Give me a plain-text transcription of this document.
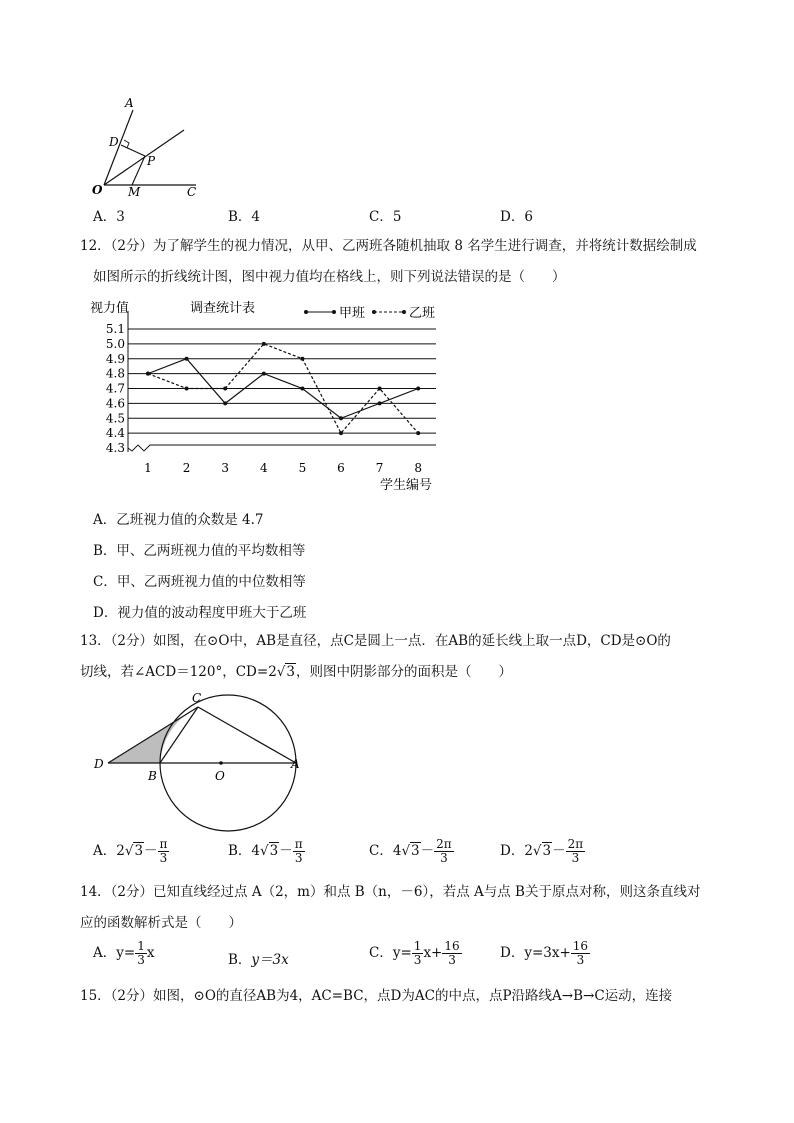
A
D
P
O M	C
A．3	B．4	C．5	D．6
12．（2分）为了解学生的视力情况，从甲、乙两班各随机抽取 8 名学生进行调查，并将统计数据绘制成
如图所示的折线统计图，图中视力值均在格线上，则下列说法错误的是（　　）
4.3
4.4
4.5
4.6
4.7
4.8
4.9
5.0
5.1
视力值	调查统计表
学生编号
1	2	3	4	5	6	7	8
甲班	乙班
A．乙班视力值的众数是 4.7
B．甲、乙两班视力值的平均数相等
C．甲、乙两班视力值的中位数相等
D．视力值的波动程度甲班大于乙班
13．（2分）如图，在⊙O中，AB是直径，点C是圆上一点．在AB的延长线上取一点D，CD是⊙O的
切线，若∠ACD＝120°，CD=2√3，则图中阴影部分的面积是（　　）
C
D
B	O
A
A．$2√3- \frac{\pi}{3}$	B．$4√3- \frac{\pi}{3}$	C．$4√3- \frac{2\pi}{3}$	D．$2√3- \frac{2\pi}{3}$
14．（2分）已知直线经过点 A（2，m）和点 B（n，－6），若点 A与点 B关于原点对称，则这条直线对
应的函数解析式是（　　）
A．$y= \frac{1}{3}$ x	B．y＝3x	C．$y= \frac{1}{3} x+ \frac{16}{3}$	D．$y=3x+ \frac{16}{3}$
15．（2分）如图，⊙O的直径AB为4，AC=BC，点D为AC的中点，点P沿路线A→B→C运动，连接
